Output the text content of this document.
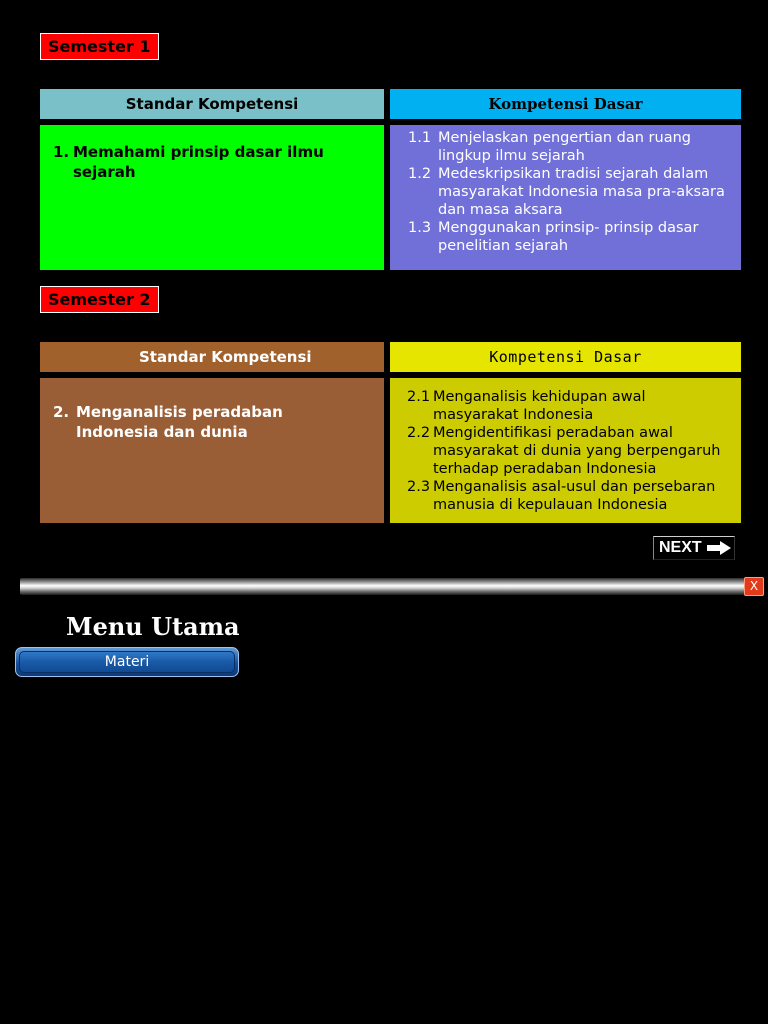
Semester 1
Standar Kompetensi	Kompetensi Dasar
1. Memahami prinsip dasar ilmu sejarah
1.1 Menjelaskan pengertian dan ruang lingkup ilmu sejarah
1.2 Medeskripsikan tradisi sejarah dalam masyarakat Indonesia masa pra-aksara dan masa aksara
1.3 Menggunakan prinsip- prinsip dasar penelitian sejarah
Semester 2
Standar Kompetensi	Kompetensi Dasar
2. Menganalisis peradaban Indonesia dan dunia
2.1 Menganalisis kehidupan awal masyarakat Indonesia
2.2 Mengidentifikasi peradaban awal masyarakat di dunia yang berpengaruh terhadap peradaban Indonesia
2.3 Menganalisis asal-usul dan persebaran manusia di kepulauan Indonesia
NEXT
X
Menu Utama
Materi
